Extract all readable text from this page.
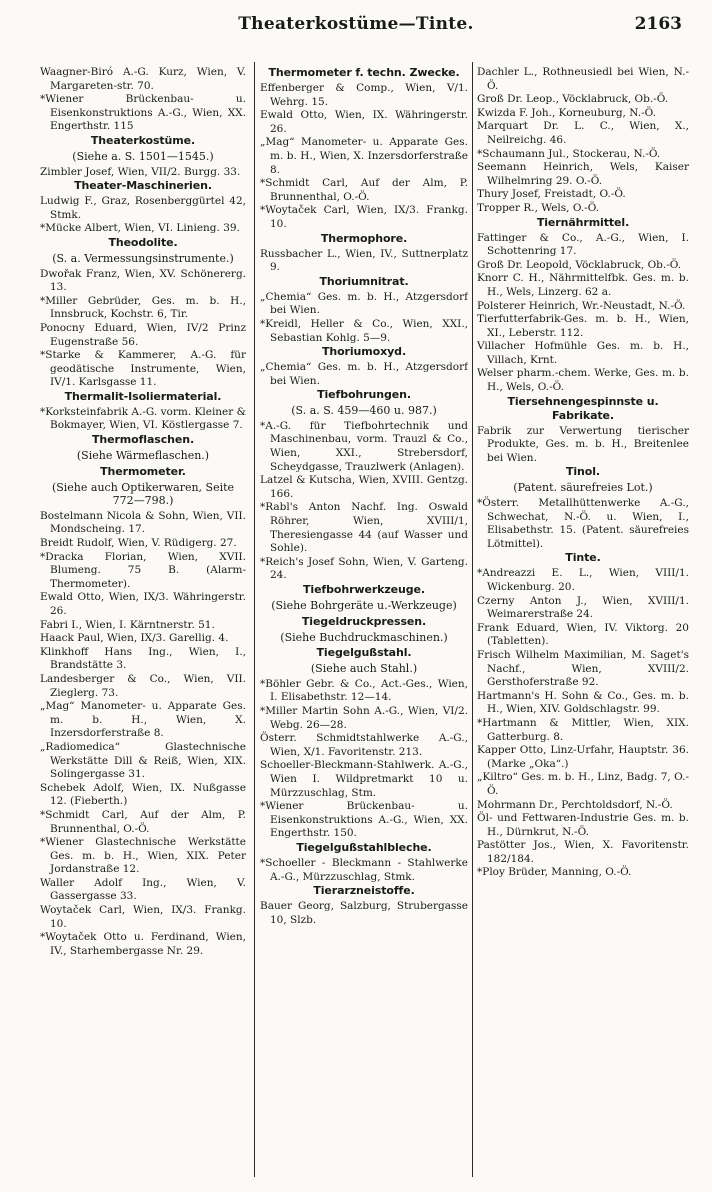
Theaterkostüme—Tinte.	2163
Waagner-Biró A.-G. Kurz, Wien, V. Margareten-str. 70.
*Wiener Brückenbau- u. Eisenkonstruktions A.-G., Wien, XX. Engerthstr. 115
Theaterkostüme.
(Siehe a. S. 1501—1545.)
Zimbler Josef, Wien, VII/2. Burgg. 33.
Theater-Maschinerien.
Ludwig F., Graz, Rosenberggürtel 42, Stmk.
*Mücke Albert, Wien, VI. Linieng. 39.
Theodolite.
(S. a. Vermessungsinstrumente.)
Dwořak Franz, Wien, XV. Schönererg. 13.
*Miller Gebrüder, Ges. m. b. H., Innsbruck, Kochstr. 6, Tir.
Ponocny Eduard, Wien, IV/2 Prinz Eugenstraße 56.
*Starke & Kammerer, A.-G. für geodätische Instrumente, Wien, IV/1. Karlsgasse 11.
Thermalit-Isoliermaterial.
*Korksteinfabrik A.-G. vorm. Kleiner & Bokmayer, Wien, VI. Köstlergasse 7.
Thermoflaschen.
(Siehe Wärmeflaschen.)
Thermometer.
(Siehe auch Optikerwaren, Seite 772—798.)
Bostelmann Nicola & Sohn, Wien, VII. Mondscheing. 17.
Breidt Rudolf, Wien, V. Rüdigerg. 27.
*Dracka Florian, Wien, XVII. Blumeng. 75 B. (Alarm-Thermometer).
Ewald Otto, Wien, IX/3. Währingerstr. 26.
Fabri I., Wien, I. Kärntnerstr. 51.
Haack Paul, Wien, IX/3. Garellig. 4.
Klinkhoff Hans Ing., Wien, I., Brandstätte 3.
Landesberger & Co., Wien, VII. Zieglerg. 73.
„Mag“ Manometer- u. Apparate Ges. m. b. H., Wien, X. Inzersdorferstraße 8.
„Radiomedica“ Glastechnische Werkstätte Dill & Reiß, Wien, XIX. Solingergasse 31.
Schebek Adolf, Wien, IX. Nußgasse 12. (Fieberth.)
*Schmidt Carl, Auf der Alm, P. Brunnenthal, O.-Ö.
*Wiener Glastechnische Werkstätte Ges. m. b. H., Wien, XIX. Peter Jordanstraße 12.
Waller Adolf Ing., Wien, V. Gassergasse 33.
Woytaček Carl, Wien, IX/3. Frankg. 10.
*Woytaček Otto u. Ferdinand, Wien, IV., Starhembergasse Nr. 29.
Thermometer f. techn. Zwecke.
Effenberger & Comp., Wien, V/1. Wehrg. 15.
Ewald Otto, Wien, IX. Währingerstr. 26.
„Mag“ Manometer- u. Apparate Ges. m. b. H., Wien, X. Inzersdorferstraße 8.
*Schmidt Carl, Auf der Alm, P. Brunnenthal, O.-Ö.
*Woytaček Carl, Wien, IX/3. Frankg. 10.
Thermophore.
Russbacher L., Wien, IV., Suttnerplatz 9.
Thoriumnitrat.
„Chemia“ Ges. m. b. H., Atzgersdorf bei Wien.
*Kreidl, Heller & Co., Wien, XXI., Sebastian Kohlg. 5—9.
Thoriumoxyd.
„Chemia“ Ges. m. b. H., Atzgersdorf bei Wien.
Tiefbohrungen.
(S. a. S. 459—460 u. 987.)
*A.-G. für Tiefbohrtechnik und Maschinenbau, vorm. Trauzl & Co., Wien, XXI., Strebersdorf, Scheydgasse, Trauzlwerk (Anlagen).
Latzel & Kutscha, Wien, XVIII. Gentzg. 166.
*Rabl's Anton Nachf. Ing. Oswald Röhrer, Wien, XVIII/1, Theresiengasse 44 (auf Wasser und Sohle).
*Reich's Josef Sohn, Wien, V. Garteng. 24.
Tiefbohrwerkzeuge.
(Siehe Bohrgeräte u.-Werkzeuge)
Tiegeldruckpressen.
(Siehe Buchdruckmaschinen.)
Tiegelgußstahl.
(Siehe auch Stahl.)
*Böhler Gebr. & Co., Act.-Ges., Wien, I. Elisabethstr. 12—14.
*Miller Martin Sohn A.-G., Wien, VI/2. Webg. 26—28.
Österr. Schmidtstahlwerke A.-G., Wien, X/1. Favoritenstr. 213.
Schoeller-Bleckmann-Stahlwerk. A.-G., Wien I. Wildpretmarkt 10 u. Mürzzuschlag, Stm.
*Wiener Brückenbau- u. Eisenkonstruktions A.-G., Wien, XX. Engerthstr. 150.
Tiegelgußstahlbleche.
*Schoeller - Bleckmann - Stahlwerke A.-G., Mürzzuschlag, Stmk.
Tierarzneistoffe.
Bauer Georg, Salzburg, Strubergasse 10, Slzb.
Dachler L., Rothneusiedl bei Wien, N.-Ö.
Groß Dr. Leop., Vöcklabruck, Ob.-Ö.
Kwizda F. Joh., Korneuburg, N.-Ö.
Marquart Dr. L. C., Wien, X., Neilreichg. 46.
*Schaumann Jul., Stockerau, N.-Ö.
Seemann Heinrich, Wels, Kaiser Wilhelmring 29. O.-Ö.
Thury Josef, Freistadt, O.-Ö.
Tropper R., Wels, O.-Ö.
Tiernährmittel.
Fattinger & Co., A.-G., Wien, I. Schottenring 17.
Groß Dr. Leopold, Vöcklabruck, Ob.-Ö.
Knorr C. H., Nährmittelfbk. Ges. m. b. H., Wels, Linzerg. 62 a.
Polsterer Heinrich, Wr.-Neustadt, N.-Ö.
Tierfutterfabrik-Ges. m. b. H., Wien, XI., Leberstr. 112.
Villacher Hofmühle Ges. m. b. H., Villach, Krnt.
Welser pharm.-chem. Werke, Ges. m. b. H., Wels, O.-Ö.
Tiersehnengespinnste u. Fabrikate.
Fabrik zur Verwertung tierischer Produkte, Ges. m. b. H., Breitenlee bei Wien.
Tinol.
(Patent. säurefreies Lot.)
*Österr. Metallhüttenwerke A.-G., Schwechat, N.-Ö. u. Wien, I., Elisabethstr. 15. (Patent. säurefreies Lötmittel).
Tinte.
*Andreazzi E. L., Wien, VIII/1. Wickenburg. 20.
Czerny Anton J., Wien, XVIII/1. Weimarerstraße 24.
Frank Eduard, Wien, IV. Viktorg. 20 (Tabletten).
Frisch Wilhelm Maximilian, M. Saget's Nachf., Wien, XVIII/2. Gersthoferstraße 92.
Hartmann's H. Sohn & Co., Ges. m. b. H., Wien, XIV. Goldschlagstr. 99.
*Hartmann & Mittler, Wien, XIX. Gatterburg. 8.
Kapper Otto, Linz-Urfahr, Hauptstr. 36. (Marke „Oka“.)
„Kiltro“ Ges. m. b. H., Linz, Badg. 7, O.-Ö.
Mohrmann Dr., Perchtoldsdorf, N.-Ö.
Öl- und Fettwaren-Industrie Ges. m. b. H., Dürnkrut, N.-Ö.
Pastötter Jos., Wien, X. Favoritenstr. 182/184.
*Ploy Brüder, Manning, O.-Ö.
